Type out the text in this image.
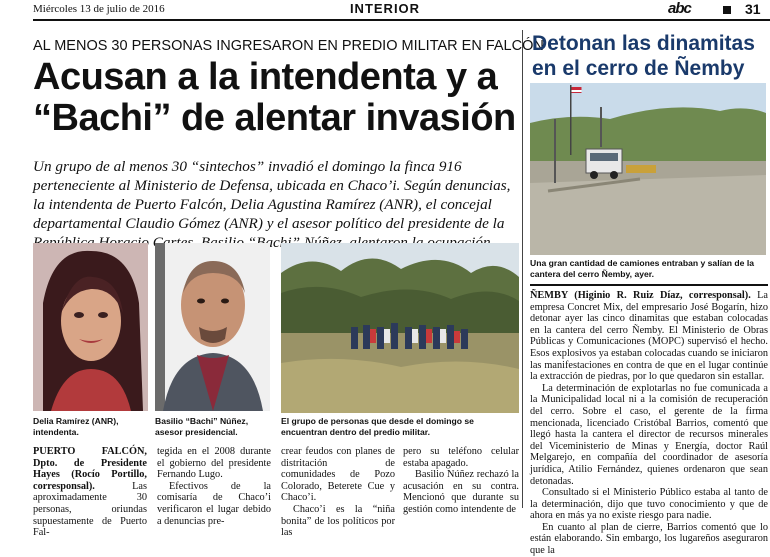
Miércoles 13 de julio de 2016	INTERIOR	abc	31
AL MENOS 30 PERSONAS INGRESARON EN PREDIO MILITAR EN FALCÓN
Acusan a la intendenta y a
“Bachi” de alentar invasión
Un grupo de al menos 30 “sintechos” invadió el domingo la finca 916 perteneciente al Ministerio de Defensa, ubicada en Chaco’i. Según denuncias, la intendenta de Puerto Falcón, Delia Agustina Ramírez (ANR), el concejal departamental Claudio Gómez (ANR) y el asesor político del presidente de la “Bachi”
Delia Ramírez (ANR), intendenta.
Basilio “Bachi” Núñez, asesor presidencial.
El grupo de personas que desde el domingo se encuentran dentro del predio militar.

PUERTO FALCÓN, Dpto. de Presidente Hayes (Rocío Portillo, corresponsal).	Las aproximadamente 30 personas, oriundas supuestamente de Puerto Fal-

tegida en el 2008 durante el gobierno del presidente Fernando Lugo.

Efectivos de la comisaría de Chaco’i verificaron el lugar debido a denuncias pre-

crear feudos con planes de distritación de comunidades de Pozo Colorado, Beterete Cue y Chaco’i.

Chaco’i es la “niña bonita” de los políticos por las

pero su teléfono celular estaba apagado.

Basilio Núñez rechazó la acusación en su contra. Mencionó que durante su gestión como intendente de

Detonan las dinamitas
en el cerro de Ñemby
Una gran cantidad de camiones entraban y salían de la cantera del cerro Ñemby, ayer.

ÑEMBY (Higinio R. Ruiz Díaz, corresponsal). La empresa Concret Mix, del empresario José Bogarín, hizo detonar ayer las cinco dinamitas que estaban colocadas en la cantera del cerro Ñemby. El Ministerio de Obras Públicas y Comunicaciones (MOPC) supervisó el hecho. Esos explosivos ya estaban colocadas cuando se iniciaron las manifestaciones en contra de que en el lugar continúe la extracción de piedras, por lo que quedaron sin estallar.

La determinación de explotarlas no fue comunicada a la Municipalidad local ni a la comisión de recuperación del cerro. Sobre el caso, el gerente de la firma mencionada, licenciado Cristóbal Barrios, comentó que llegó hasta la cantera el director de recursos minerales del Viceministerio de Minas y Energía, doctor Raúl Melgarejo, en compañía del coordinador de asesoría jurídica, Atilio Fernández, quienes ordenaron que sean detonadas.

Consultado si el Ministerio Público estaba al tanto de la determinación, dijo que tuvo conocimiento y que de ahora en más ya no existe riesgo para nadie.

En cuanto al plan de cierre, Barrios comentó que lo están elaborando. Sin embargo, los lugareños aseguraron que la
